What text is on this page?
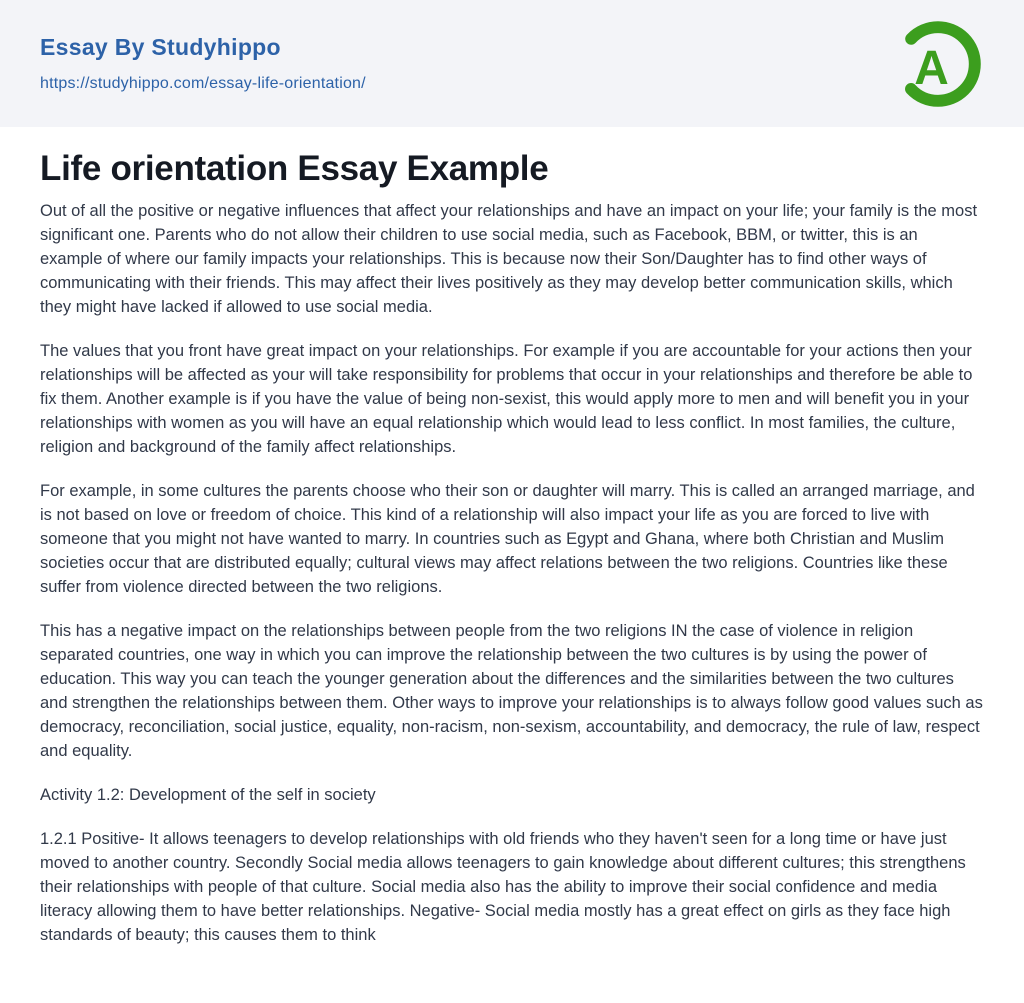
Essay By Studyhippo
https://studyhippo.com/essay-life-orientation/	A
Life orientation Essay Example

Out of all the positive or negative influences that affect your relationships and have an impact on your life; your family is the most significant one. Parents who do not allow their children to use social media, such as Facebook, BBM, or twitter, this is an example of where our family impacts your relationships. This is because now their Son/Daughter has to find other ways of communicating with their friends. This may affect their lives positively as they may develop better communication skills, which they might have lacked if allowed to use social media.

The values that you front have great impact on your relationships. For example if you are accountable for your actions then your relationships will be affected as your will take responsibility for problems that occur in your relationships and therefore be able to fix them. Another example is if you have the value of being non-sexist, this would apply more to men and will benefit you in your relationships with women as you will have an equal relationship which would lead to less conflict. In most families, the culture, religion and background of the family affect relationships.

For example, in some cultures the parents choose who their son or daughter will marry. This is called an arranged marriage, and is not based on love or freedom of choice. This kind of a relationship will also impact your life as you are forced to live with someone that you might not have wanted to marry. In countries such as Egypt and Ghana, where both Christian and Muslim societies occur that are distributed equally; cultural views may affect relations between the two religions. Countries like these suffer from violence directed between the two religions.

This has a negative impact on the relationships between people from the two religions IN the case of violence in religion separated countries, one way in which you can improve the relationship between the two cultures is by using the power of education. This way you can teach the younger generation about the differences and the similarities between the two cultures and strengthen the relationships between them. Other ways to improve your relationships is to always follow good values such as democracy, reconciliation, social justice, equality, non-racism, non-sexism, accountability, and democracy, the rule of law, respect and equality.

Activity 1.2: Development of the self in society

1.2.1 Positive- It allows teenagers to develop relationships with old friends who they haven't seen for a long time or have just moved to another country. Secondly Social media allows teenagers to gain knowledge about different cultures; this strengthens their relationships with people of that culture. Social media also has the ability to improve their social confidence and media literacy allowing them to have better relationships. Negative- Social media mostly has a great effect on girls as they face high standards of beauty; this causes them to think
